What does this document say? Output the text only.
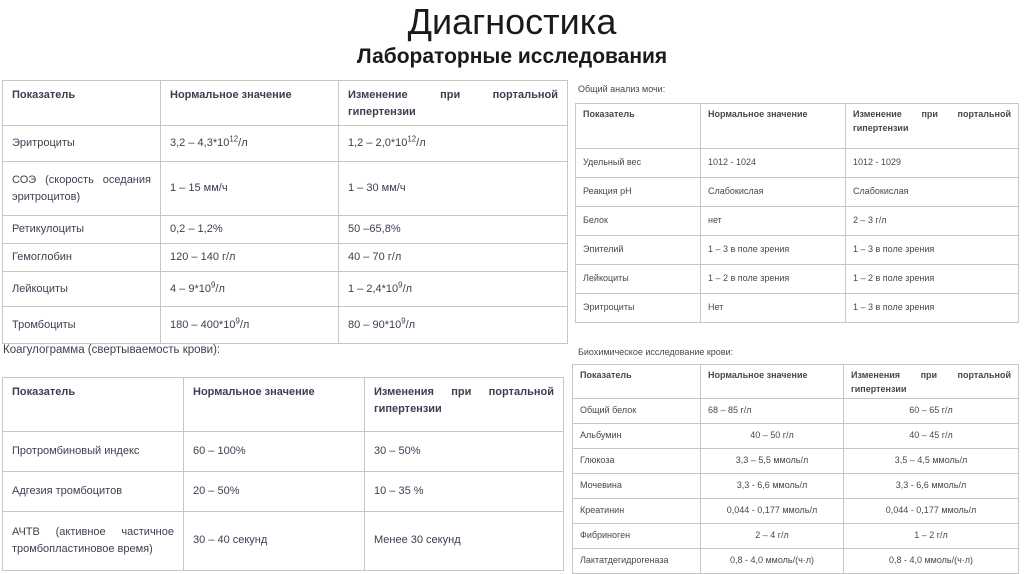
Диагностика
Лабораторные исследования
Показатель	Нормальное значение	Изменение при портальной
гипертензии

Эритроциты	$3,2 - 4,3*10^{12}/л$	$1,2 - 2,0*10^{12}/л$

СОЭ (скорость оседания
эритроцитов)	1 – 15 мм/ч	1 – 30 мм/ч
Ретикулоциты	0,2 – 1,2%	50 –65,8%
Гемоглобин	120 – 140 г/л	40 – 70 г/л
Лейкоциты	$4 - 9*10^9/л$	$1 - 2,4*10^9/л$
Тромбоциты	$180 - 400*10^9/л$	$80 - 90*10^9/л$
Коагулограмма (свертываемость крови):
Показатель	Нормальное значение	Изменения при портальной
гипертензии

Протромбиновый индекс	60 – 100%	30 – 50%
Адгезия тромбоцитов	20 – 50%	10 – 35 %

АЧТВ (активное частичное
тромбопластиновое время)	30 – 40 секунд	Менее 30 секунд
Общий анализ мочи:
Показатель	Нормальное значение	Изменение при портальной
гипертензии

Удельный вес	1012 - 1024	1012 - 1029
Реакция pH	Слабокислая	Слабокислая
Белок	нет	2 – 3 г/л
Эпителий	1 – 3 в поле зрения	1 – 3 в поле зрения
Лейкоциты	1 – 2 в поле зрения	1 – 2 в поле зрения
Эритроциты	Нет	1 – 3 в поле зрения
Биохимическое исследование крови:
Показатель	Нормальное значение	Изменения при портальной
гипертензии

Общий белок	68 – 85 г/л	60 – 65 г/л
Альбумин	40 – 50 г/л	40 – 45 г/л
Глюкоза	3,3 – 5,5 ммоль/л	3,5 – 4,5 ммоль/л
Мочевина	3,3 - 6,6 ммоль/л	3,3 - 6,6 ммоль/л
Креатинин	0,044 - 0,177 ммоль/л	0,044 - 0,177 ммоль/л
Фибриноген	2 – 4 г/л	1 – 2 г/л
Лактатдегидрогеназа	0,8 - 4,0 ммоль/(ч·л)	0,8 - 4,0 ммоль/(ч·л)
